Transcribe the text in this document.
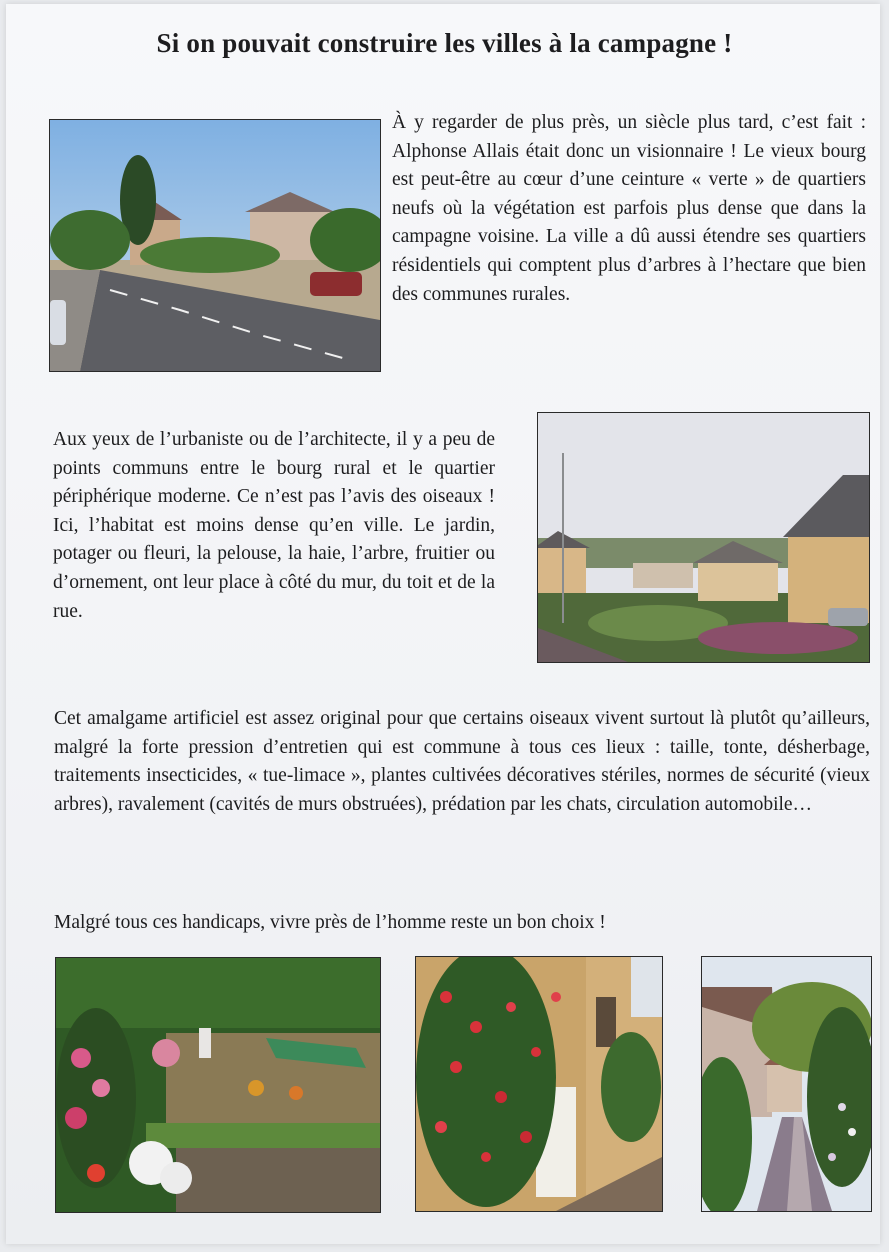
Si on pouvait construire les villes à la campagne !

À y regarder de plus près, un siècle plus tard, c’est fait : Alphonse Allais était donc un visionnaire ! Le vieux bourg est peut-être au cœur d’une ceinture « verte » de quartiers neufs où la végétation est parfois plus dense que dans la campagne voisine. La ville a dû aussi étendre ses quartiers résidentiels qui comptent plus d’arbres à l’hectare que bien des communes rurales.

Aux yeux de l’urbaniste ou de l’architecte, il y a peu de points communs entre le bourg rural et le quartier périphérique moderne. Ce n’est pas l’avis des oiseaux ! Ici, l’habitat est moins dense qu’en ville. Le jardin, potager ou fleuri, la pelouse, la haie, l’arbre, fruitier ou d’ornement, ont leur place à côté du mur, du toit et de la rue.

Cet amalgame artificiel est assez original pour que certains oiseaux vivent surtout là plutôt qu’ailleurs, malgré la forte pression d’entretien qui est commune à tous ces lieux : taille, tonte, désherbage, traitements insecticides, « tue-limace », plantes cultivées décoratives stériles, normes de sécurité (vieux arbres), ravalement (cavités de murs obstruées), prédation par les chats, circulation automobile…

Malgré tous ces handicaps, vivre près de l’homme reste un bon choix !
